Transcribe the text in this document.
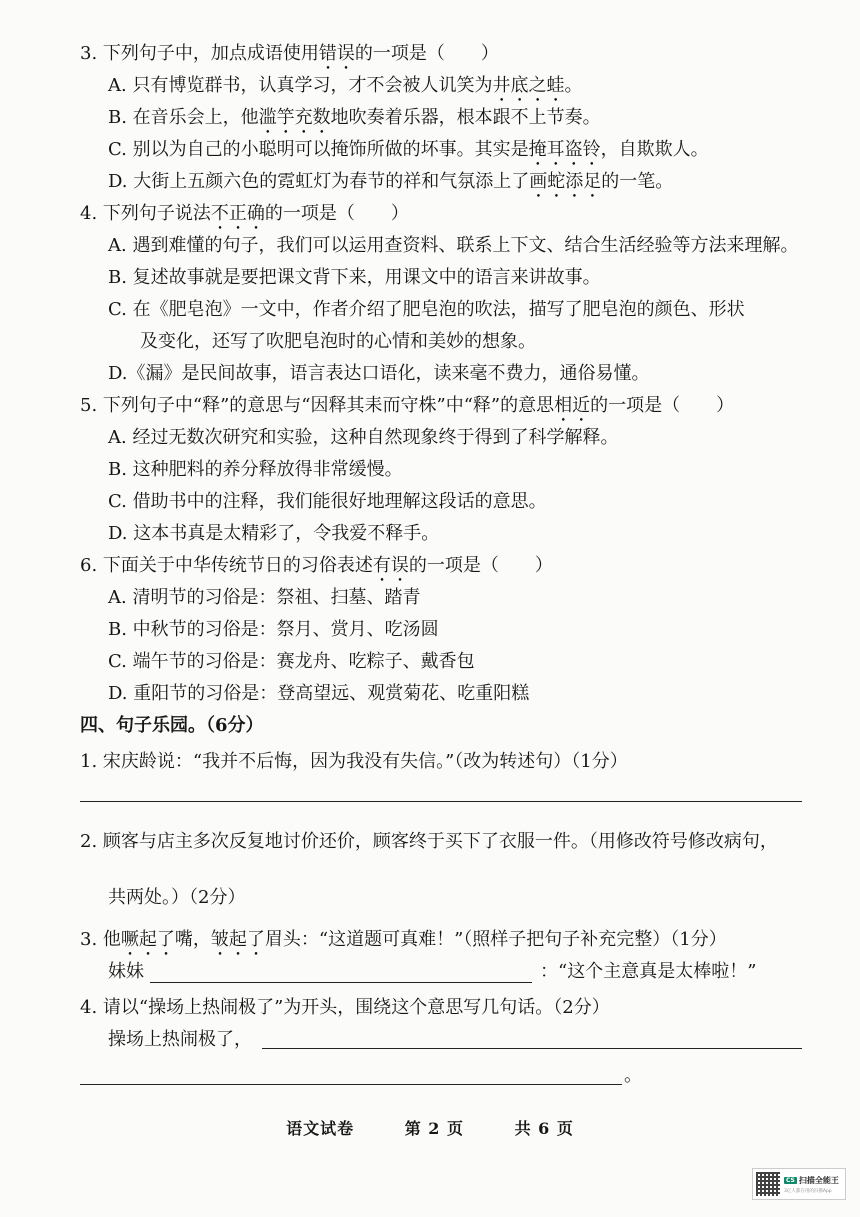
3. 下列句子中，加点成语使用错误的一项是（　　）
A. 只有博览群书，认真学习，才不会被人讥笑为井底之蛙。
B. 在音乐会上，他滥竽充数地吹奏着乐器，根本跟不上节奏。
C. 别以为自己的小聪明可以掩饰所做的坏事。其实是掩耳盗铃，自欺欺人。
D. 大街上五颜六色的霓虹灯为春节的祥和气氛添上了画蛇添足的一笔。
4. 下列句子说法不正确的一项是（　　）
A. 遇到难懂的句子，我们可以运用查资料、联系上下文、结合生活经验等方法来理解。
B. 复述故事就是要把课文背下来，用课文中的语言来讲故事。
C. 在《肥皂泡》一文中，作者介绍了肥皂泡的吹法，描写了肥皂泡的颜色、形状
及变化，还写了吹肥皂泡时的心情和美妙的想象。
D.《漏》是民间故事，语言表达口语化，读来毫不费力，通俗易懂。
5. 下列句子中“释”的意思与“因释其耒而守株”中“释”的意思相近的一项是（　　）
A. 经过无数次研究和实验，这种自然现象终于得到了科学解释。
B. 这种肥料的养分释放得非常缓慢。
C. 借助书中的注释，我们能很好地理解这段话的意思。
D. 这本书真是太精彩了，令我爱不释手。
6. 下面关于中华传统节日的习俗表述有误的一项是（　　）
A. 清明节的习俗是：祭祖、扫墓、踏青
B. 中秋节的习俗是：祭月、赏月、吃汤圆
C. 端午节的习俗是：赛龙舟、吃粽子、戴香包
D. 重阳节的习俗是：登高望远、观赏菊花、吃重阳糕
四、句子乐园。（6分）
1. 宋庆龄说：“我并不后悔，因为我没有失信。”（改为转述句）（1分）
2. 顾客与店主多次反复地讨价还价，顾客终于买下了衣服一件。（用修改符号修改病句，
共两处。）（2分）
3. 他噘起了嘴，皱起了眉头：“这道题可真难！”（照样子把句子补充完整）（1分）
妹妹	：“这个主意真是太棒啦！”
4. 请以“操场上热闹极了”为开头，围绕这个意思写几句话。（2分）
操场上热闹极了，
。
语文试卷	第 2 页	共 6 页
CS 扫描全能王
3亿人都在用的扫描App
